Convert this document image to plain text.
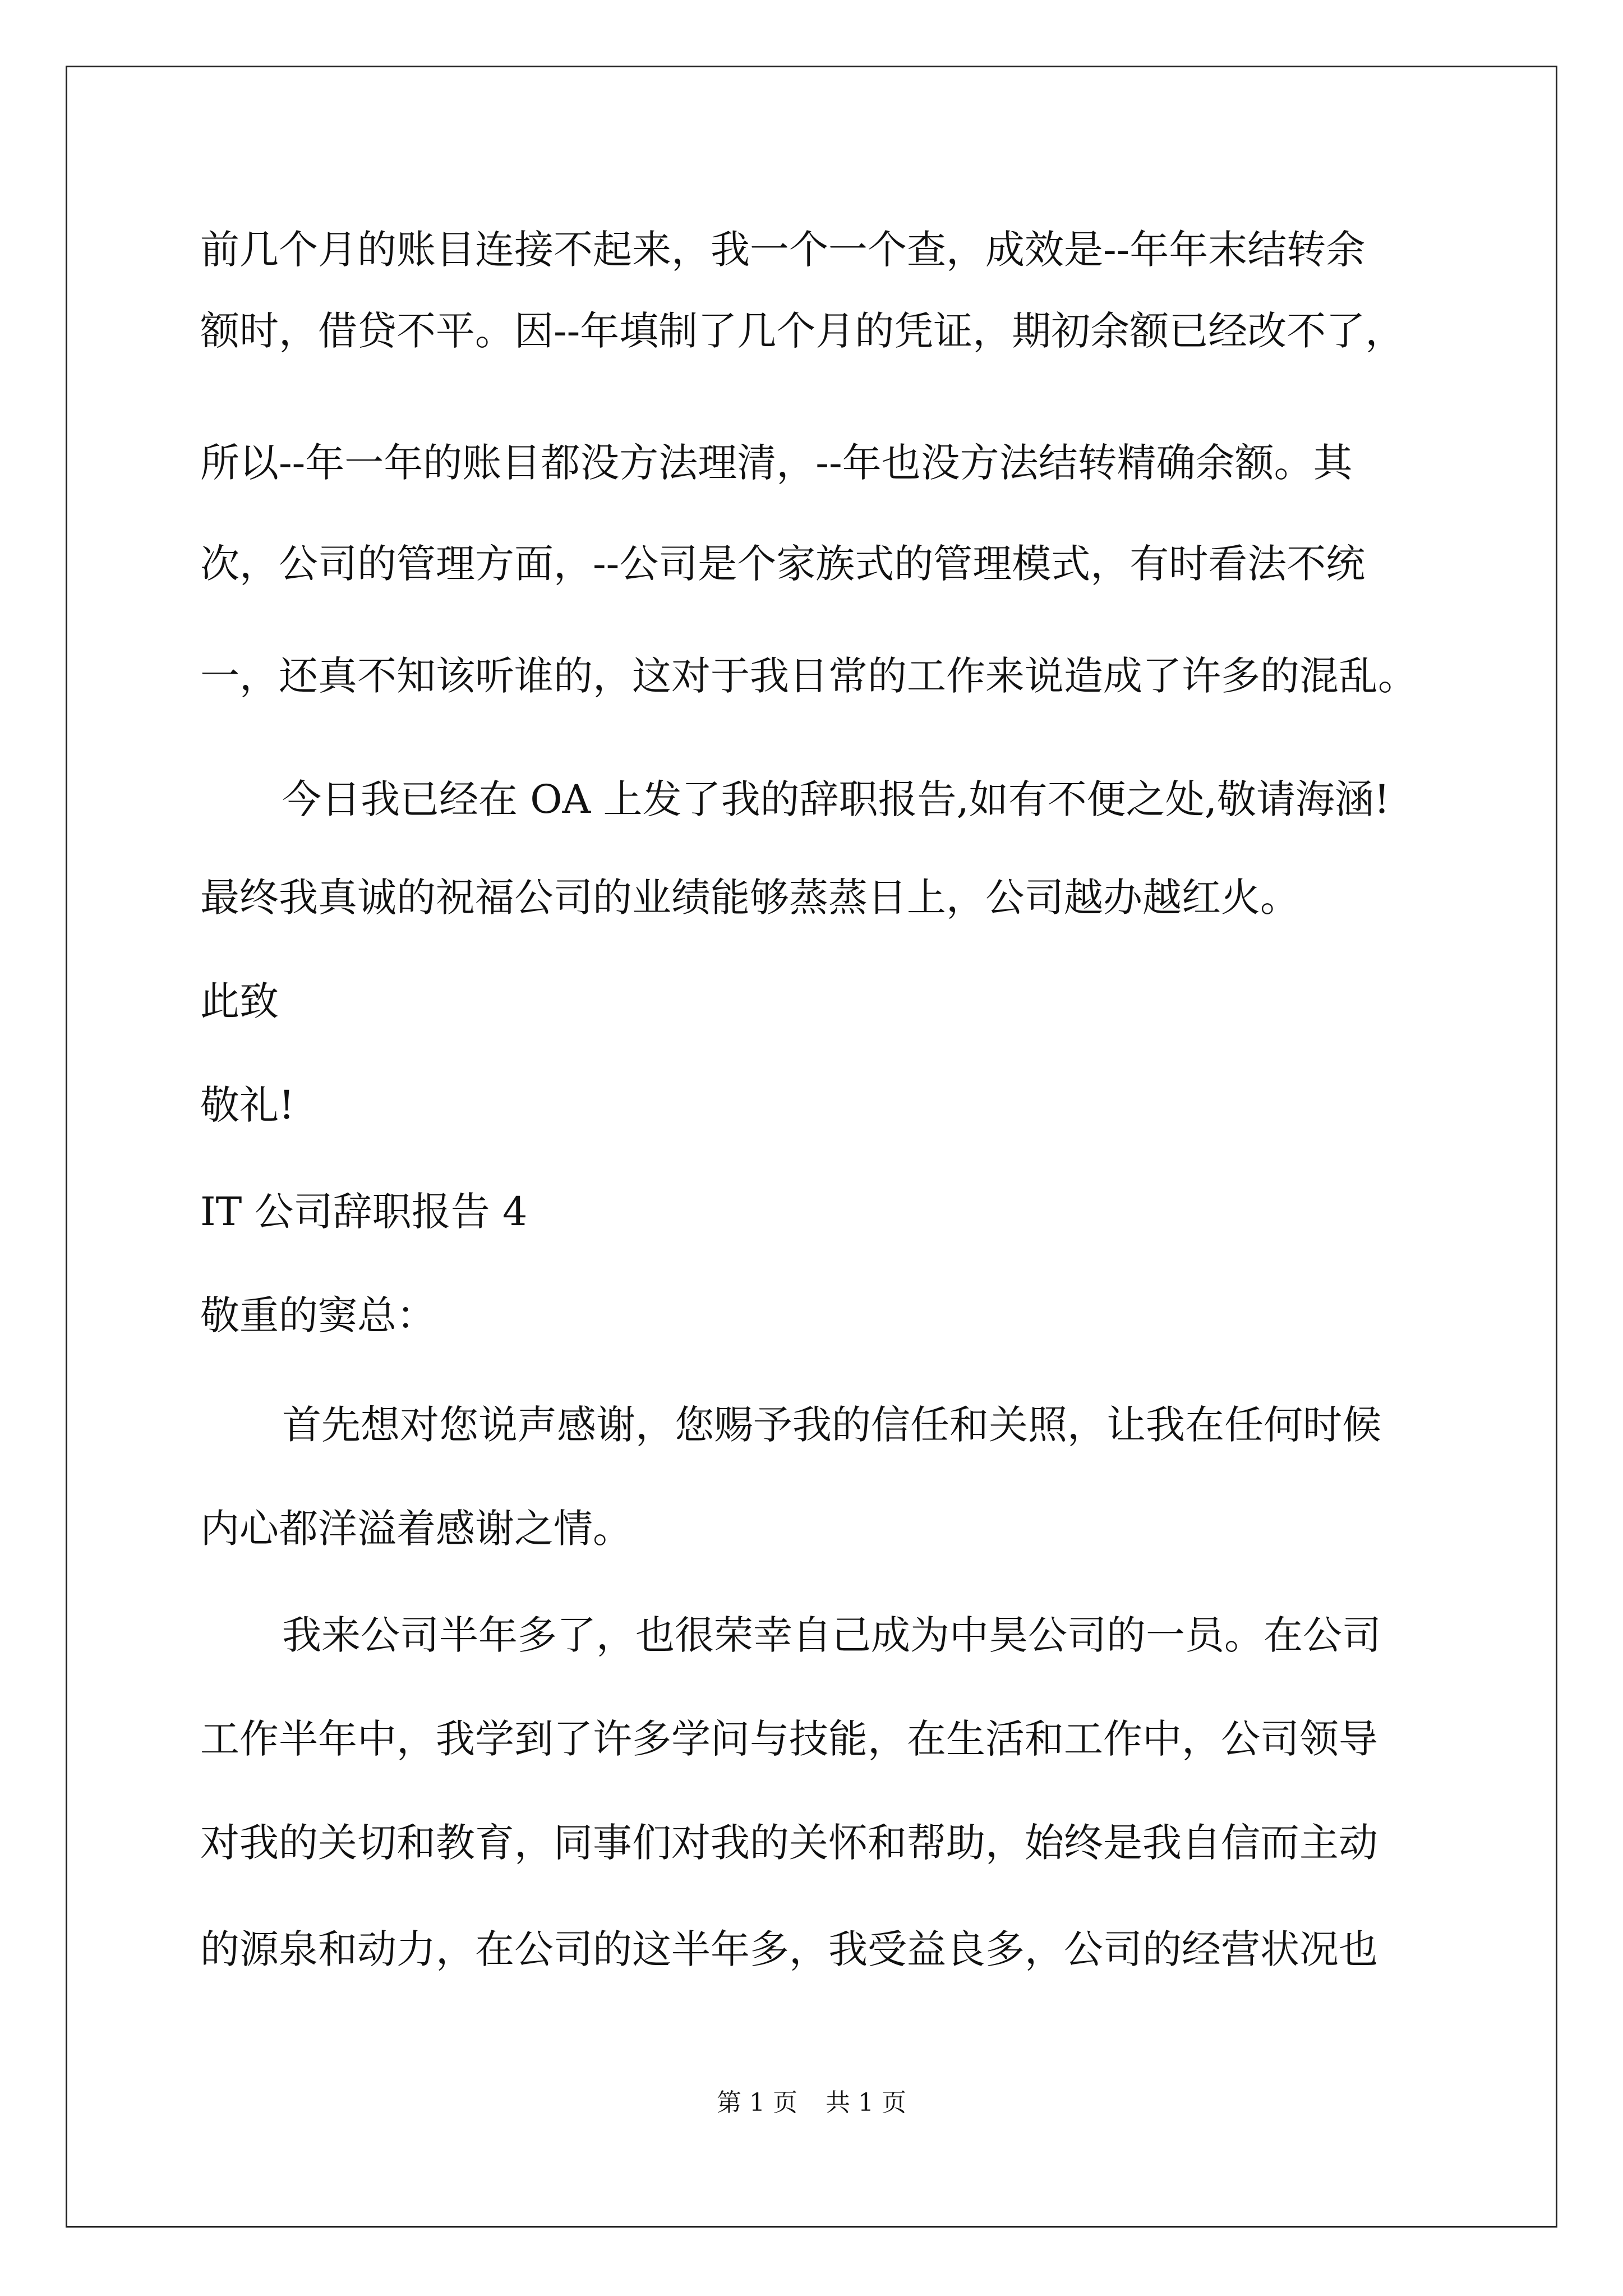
前几个月的账目连接不起来，我一个一个查，成效是--年年末结转余
额时，借贷不平。因--年填制了几个月的凭证，期初余额已经改不了，
所以--年一年的账目都没方法理清，--年也没方法结转精确余额。其
次，公司的管理方面，--公司是个家族式的管理模式，有时看法不统
一，还真不知该听谁的，这对于我日常的工作来说造成了许多的混乱。
今日我已经在 OA 上发了我的辞职报告,如有不便之处,敬请海涵!
最终我真诚的祝福公司的业绩能够蒸蒸日上，公司越办越红火。
此致
敬礼!
IT 公司辞职报告 4
敬重的窦总：
首先想对您说声感谢，您赐予我的信任和关照，让我在任何时候
内心都洋溢着感谢之情。
我来公司半年多了，也很荣幸自己成为中昊公司的一员。在公司
工作半年中，我学到了许多学问与技能，在生活和工作中，公司领导
对我的关切和教育，同事们对我的关怀和帮助，始终是我自信而主动
的源泉和动力，在公司的这半年多，我受益良多，公司的经营状况也
第 1 页 共 1 页
